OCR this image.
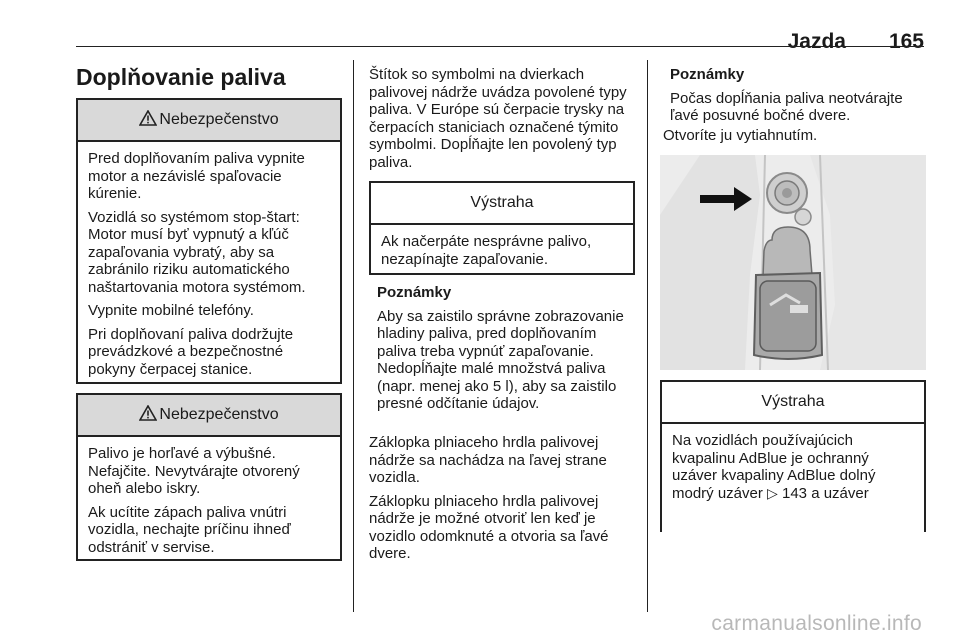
Jazda 165
Doplňovanie paliva
Nebezpečenstvo

Pred doplňovaním paliva vypnite motor a nezávislé spaľovacie kúrenie.

Vozidlá so systémom stop-štart: Motor musí byť vypnutý a kľúč zapaľovania vybratý, aby sa zabránilo riziku automatického naštartovania motora systémom.

Vypnite mobilné telefóny.

Pri doplňovaní paliva dodržujte prevádzkové a bezpečnostné pokyny čerpacej stanice.

Nebezpečenstvo

Palivo je horľavé a výbušné. Nefajčite. Nevytvárajte otvorený oheň alebo iskry.

Ak ucítite zápach paliva vnútri vozidla, nechajte príčinu ihneď odstrániť v servise.

Štítok so symbolmi na dvierkach palivovej nádrže uvádza povolené typy paliva. V Európe sú čerpacie trysky na čerpacích staniciach označené týmito symbolmi. Dopĺňajte len povolený typ paliva.
Výstraha
Ak načerpáte nesprávne palivo, nezapínajte zapaľovanie.

Poznámky

Aby sa zaistilo správne zobrazovanie hladiny paliva, pred doplňovaním paliva treba vypnúť zapaľovanie. Nedopĺňajte malé množstvá paliva (napr. menej ako 5 l), aby sa zaistilo presné odčítanie údajov.

Záklopka plniaceho hrdla palivovej nádrže sa nachádza na ľavej strane vozidla.

Záklopku plniaceho hrdla palivovej nádrže je možné otvoriť len keď je vozidlo odomknuté a otvoria sa ľavé dvere.

Poznámky

Počas dopĺňania paliva neotvárajte ľavé posuvné bočné dvere.

Otvoríte ju vytiahnutím.
Výstraha
Na vozidlách používajúcich kvapalinu AdBlue je ochranný uzáver kvapaliny AdBlue dolný modrý uzáver ▷ 143 a uzáver
carmanualsonline.info
